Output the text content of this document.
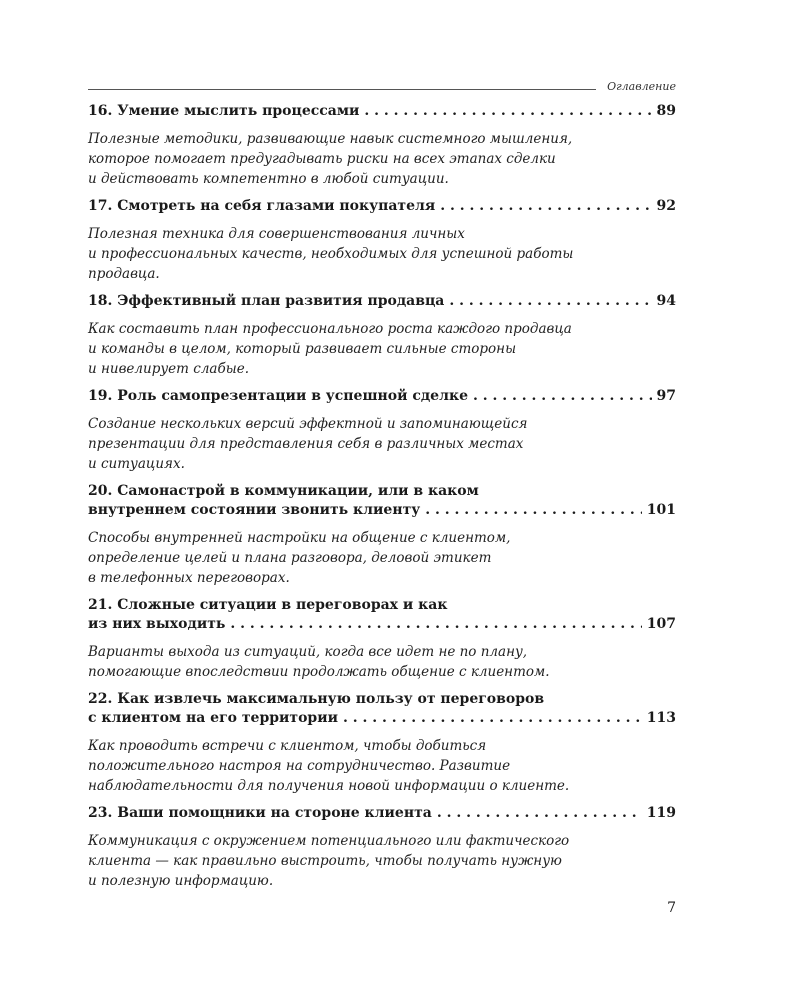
Оглавление
16. Умение мыслить процессами . . .	89
Полезные методики, развивающие навык системного мышления,
которое помогает предугадывать риски на всех этапах сделки
и действовать компетентно в любой ситуации.
17. Смотреть на себя глазами покупателя . . .	92
Полезная техника для совершенствования личных
и профессиональных качеств, необходимых для успешной работы
продавца.
18. Эффективный план развития продавца . . .	94
Как составить план профессионального роста каждого продавца
и команды в целом, который развивает сильные стороны
и нивелирует слабые.
19. Роль самопрезентации в успешной сделке . . .	97
Создание нескольких версий эффектной и запоминающейся
презентации для представления себя в различных местах
и ситуациях.
20. Самонастрой в коммуникации, или в каком
внутреннем состоянии звонить клиенту . . .	101
Способы внутренней настройки на общение с клиентом,
определение целей и плана разговора, деловой этикет
в телефонных переговорах.
21. Сложные ситуации в переговорах и как
из них выходить . . .	107
Варианты выхода из ситуаций, когда все идет не по плану,
помогающие впоследствии продолжать общение с клиентом.
22. Как извлечь максимальную пользу от переговоров
с клиентом на его территории . . .	113
Как проводить встречи с клиентом, чтобы добиться
положительного настроя на сотрудничество. Развитие
наблюдательности для получения новой информации о клиенте.
23. Ваши помощники на стороне клиента . . .	119
Коммуникация с окружением потенциального или фактического
клиента — как правильно выстроить, чтобы получать нужную
и полезную информацию.
7
